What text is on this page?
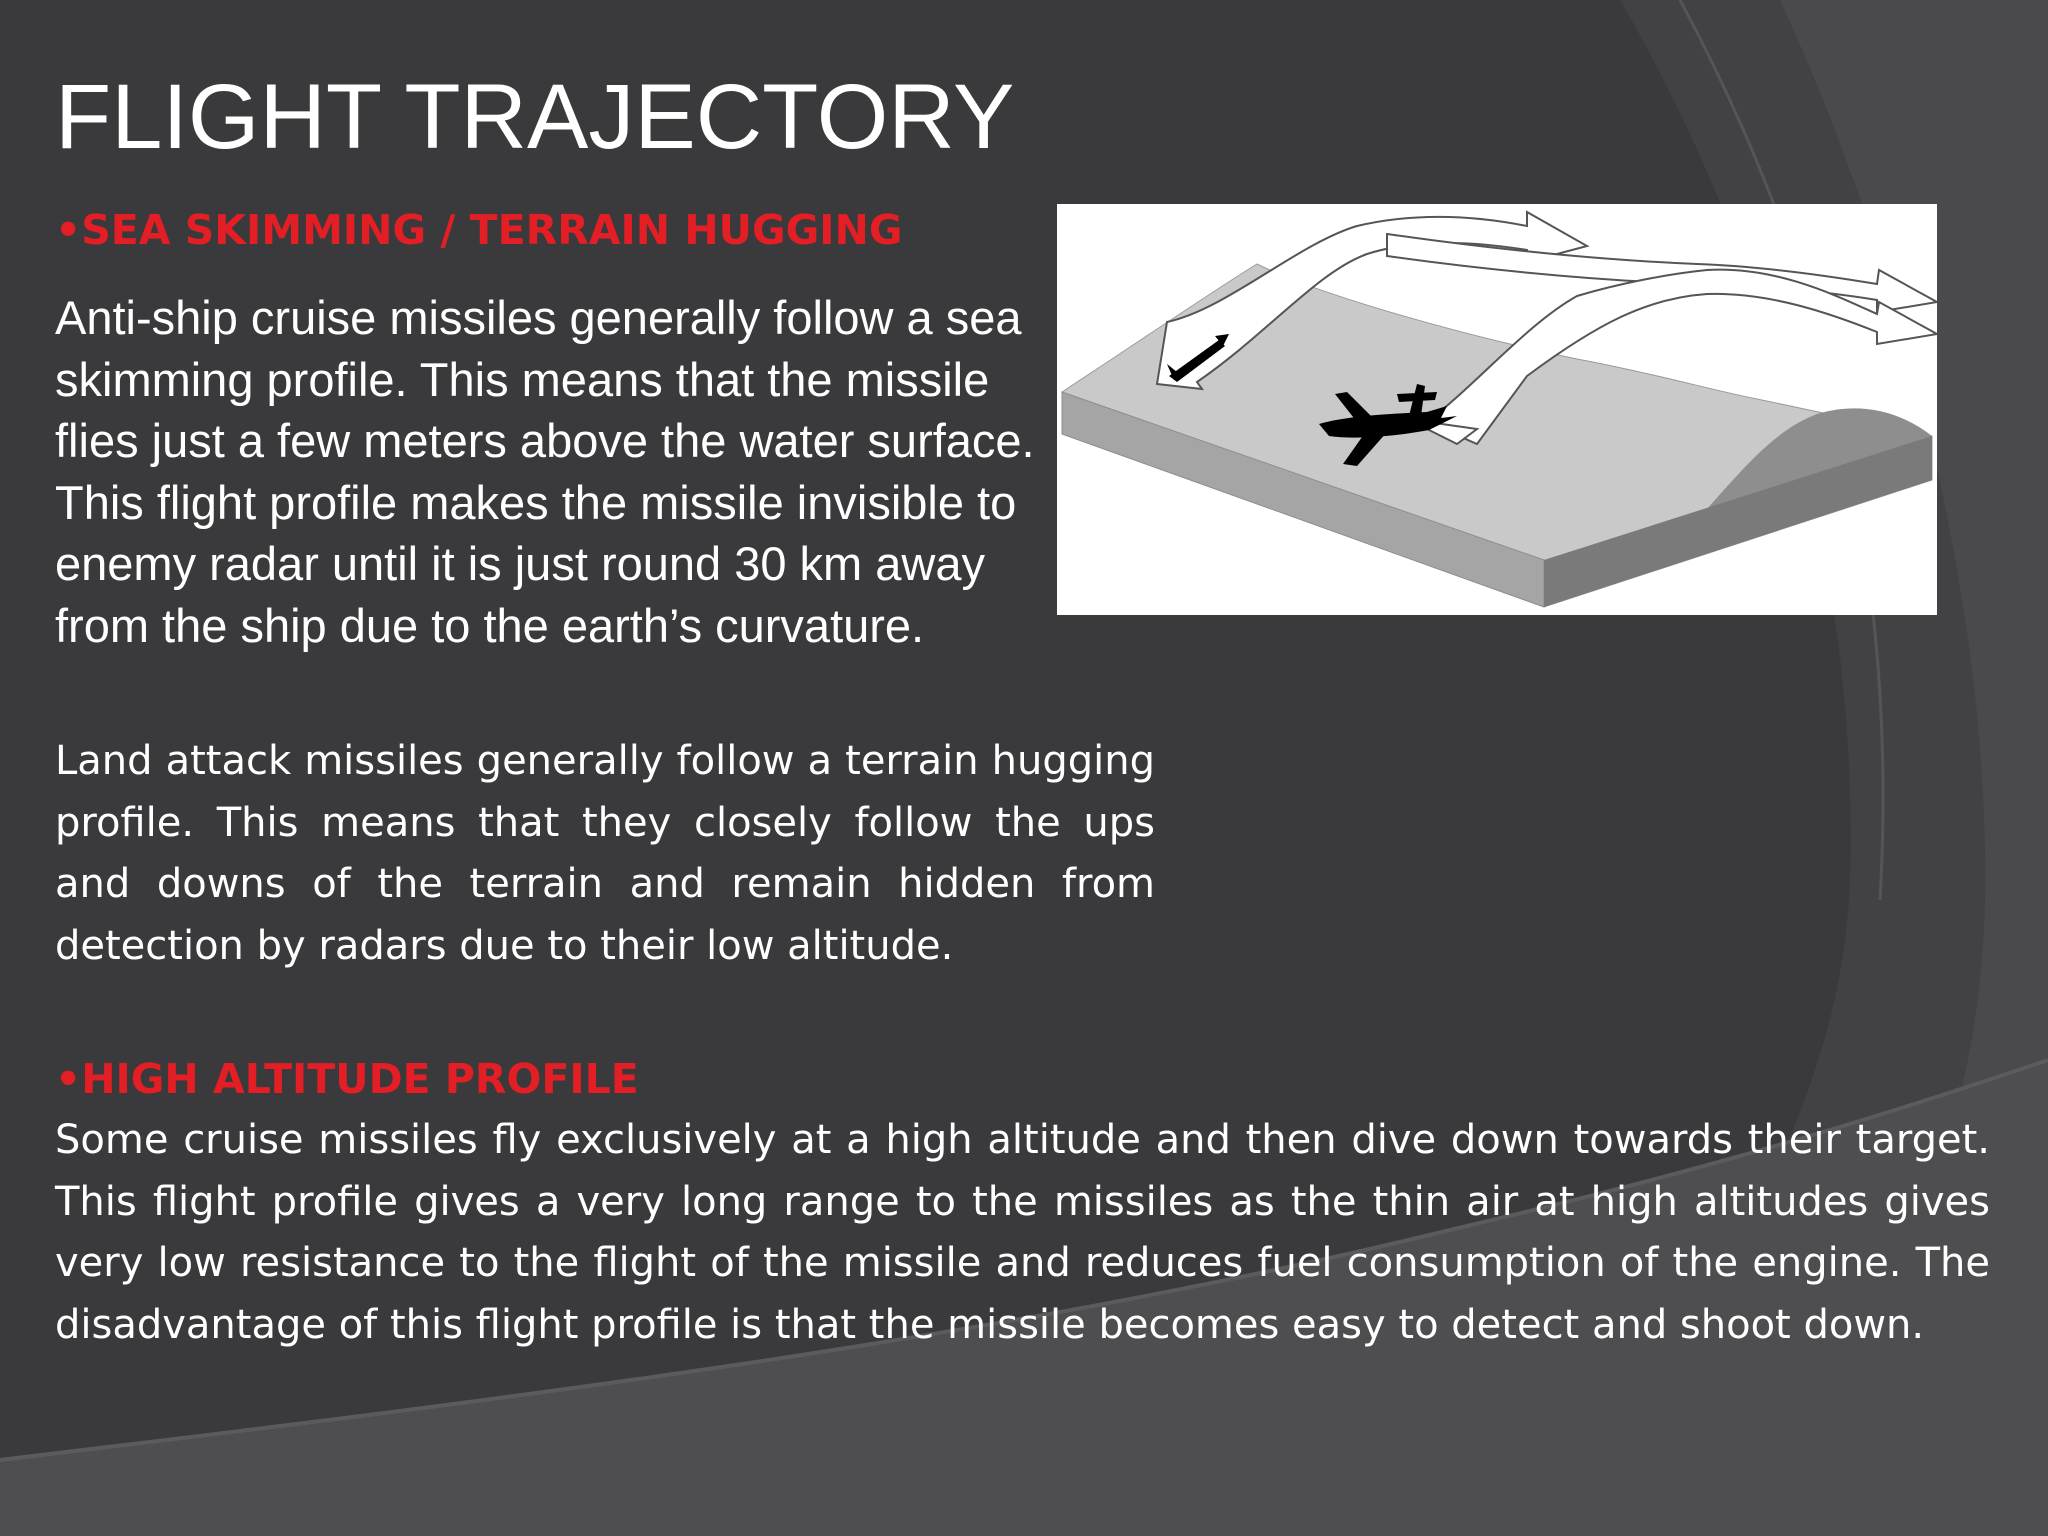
FLIGHT TRAJECTORY
•SEA SKIMMING / TERRAIN HUGGING

Anti-ship cruise missiles generally follow a sea skimming profile. This means that the missile flies just a few meters above the water surface. This flight profile makes the missile invisible to enemy radar until it is just round 30 km away from the ship due to the earth’s curvature.

Land attack missiles generally follow a terrain hugging profile. This means that they closely follow the ups and downs of the terrain and remain hidden from detection by radars due to their low altitude.

•HIGH ALTITUDE PROFILE

Some cruise missiles fly exclusively at a high altitude and then dive down towards their target. This flight profile gives a very long range to the missiles as the thin air at high altitudes gives very low resistance to the flight of the missile and reduces fuel consumption of the engine. The disadvantage of this flight profile is that the missile becomes easy to detect and shoot down.
